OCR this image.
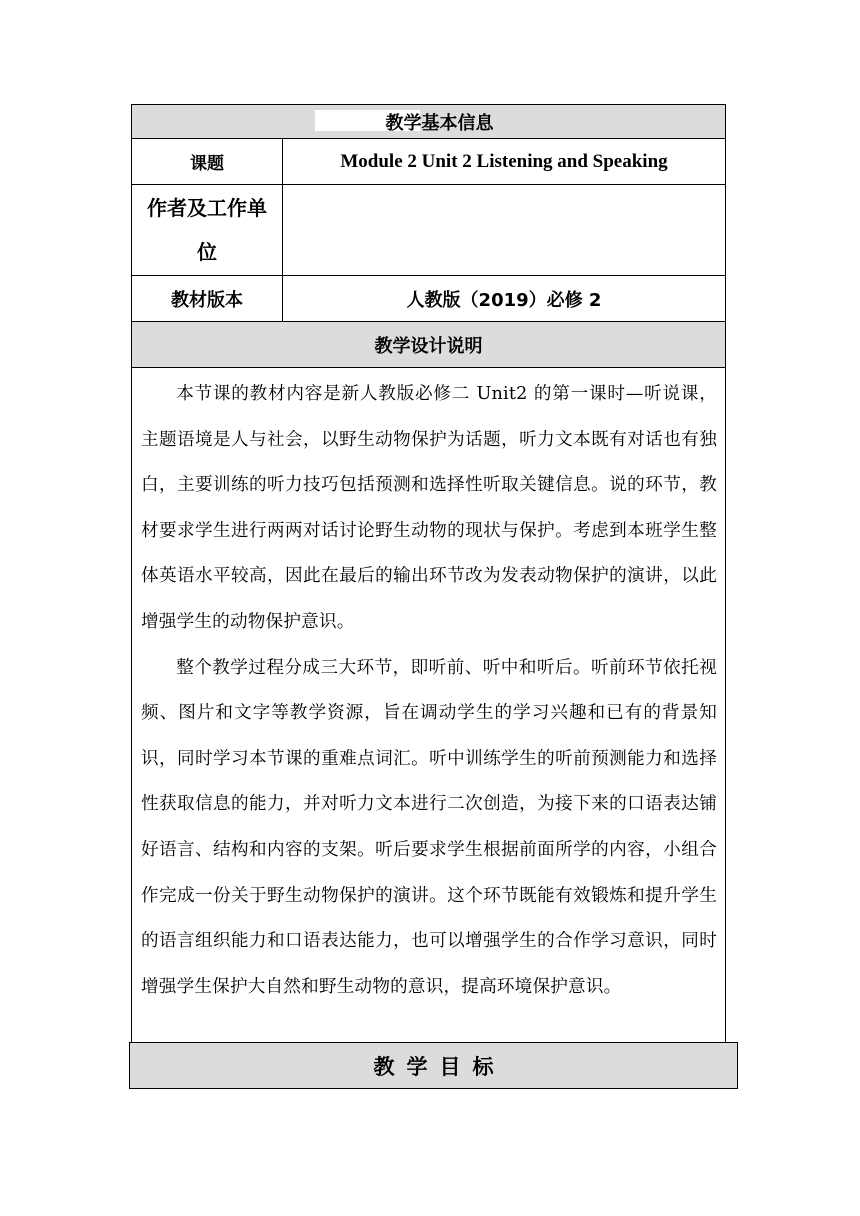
教学基本信息
课题	Module 2 Unit 2 Listening and Speaking
作者及工作单位
教材版本	人教版（2019）必修 2
教学设计说明

本节课的教材内容是新人教版必修二 Unit2 的第一课时—听说课，主题语境是人与社会，以野生动物保护为话题，听力文本既有对话也有独白，主要训练的听力技巧包括预测和选择性听取关键信息。说的环节，教材要求学生进行两两对话讨论野生动物的现状与保护。考虑到本班学生整体英语水平较高，因此在最后的输出环节改为发表动物保护的演讲，以此增强学生的动物保护意识。

整个教学过程分成三大环节，即听前、听中和听后。听前环节依托视频、图片和文字等教学资源，旨在调动学生的学习兴趣和已有的背景知识，同时学习本节课的重难点词汇。听中训练学生的听前预测能力和选择性获取信息的能力，并对听力文本进行二次创造，为接下来的口语表达铺好语言、结构和内容的支架。听后要求学生根据前面所学的内容，小组合作完成一份关于野生动物保护的演讲。这个环节既能有效锻炼和提升学生的语言组织能力和口语表达能力，也可以增强学生的合作学习意识，同时增强学生保护大自然和野生动物的意识，提高环境保护意识。

教学目标
